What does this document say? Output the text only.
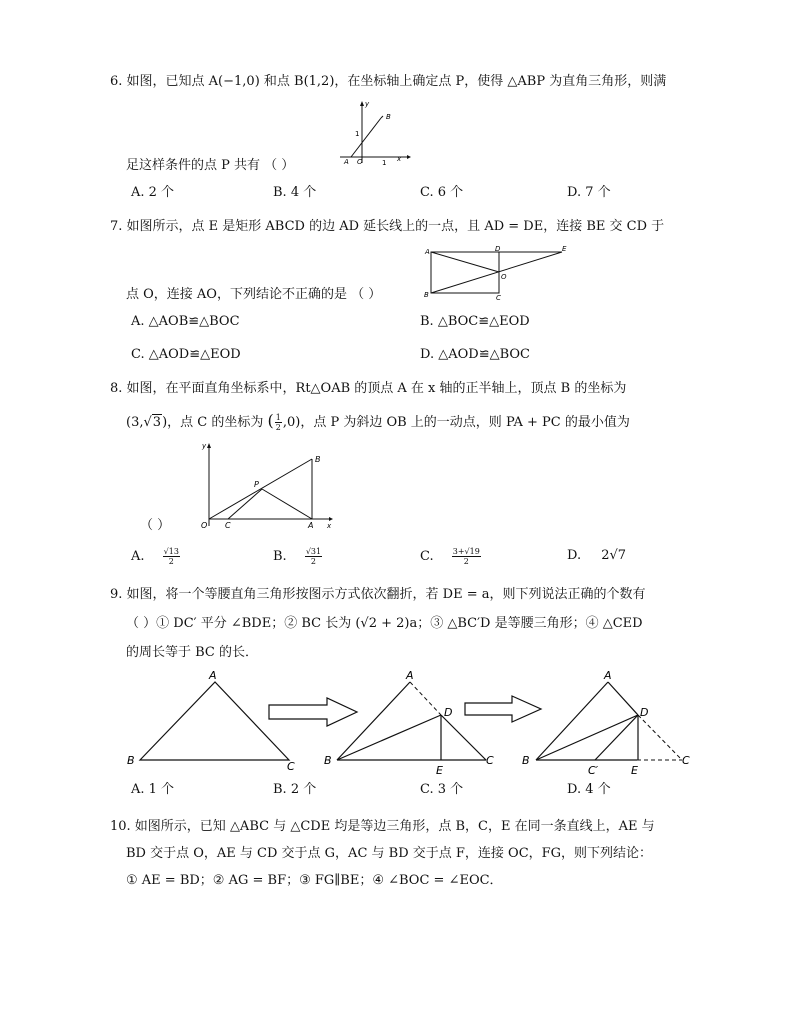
6. 如图，已知点 A(−1,0) 和点 B(1,2)，在坐标轴上确定点 P，使得 △ABP 为直角三角形，则满
足这样条件的点 P 共有 （ ）
y
B
1
A O	1 x
A. 2 个	B. 4 个	C. 6 个	D. 7 个
7. 如图所示，点 E 是矩形 ABCD 的边 AD 延长线上的一点，且 AD = DE，连接 BE 交 CD 于
点 O，连接 AO，下列结论不正确的是 （ ）
A	D	E
O
B	C
A. △AOB≌△BOC	B. △BOC≌△EOD
C. △AOD≌△EOD	D. △AOD≌△BOC
8. 如图，在平面直角坐标系中，Rt△OAB 的顶点 A 在 x 轴的正半轴上，顶点 B 的坐标为
(3,√3)，点 C 的坐标为 ( $\frac{1}{2} ,0$)，点 P 为斜边 OB 上的一动点，则 PA + PC 的最小值为
y
B
P
O C	A x
（ ）
A. $\frac{√13}{2}$	B. $\frac{√31}{2}$	C. $\frac{3+√19}{2}$	D. 2√7
9. 如图，将一个等腰直角三角形按图示方式依次翻折，若 DE = a，则下列说法正确的个数有
（ ）① DC′ 平分 ∠BDE；② BC 长为 (√2 + 2)a；③ △BC′D 是等腰三角形；④ △CED
的周长等于 BC 的长．
A
B	C
A
D
B
E
C
A
D
B
C′	E
C
A. 1 个	B. 2 个	C. 3 个	D. 4 个
10. 如图所示，已知 △ABC 与 △CDE 均是等边三角形，点 B，C，E 在同一条直线上，AE 与
BD 交于点 O，AE 与 CD 交于点 G，AC 与 BD 交于点 F，连接 OC，FG，则下列结论：
① AE = BD；② AG = BF；③ FG∥BE；④ ∠BOC = ∠EOC．
